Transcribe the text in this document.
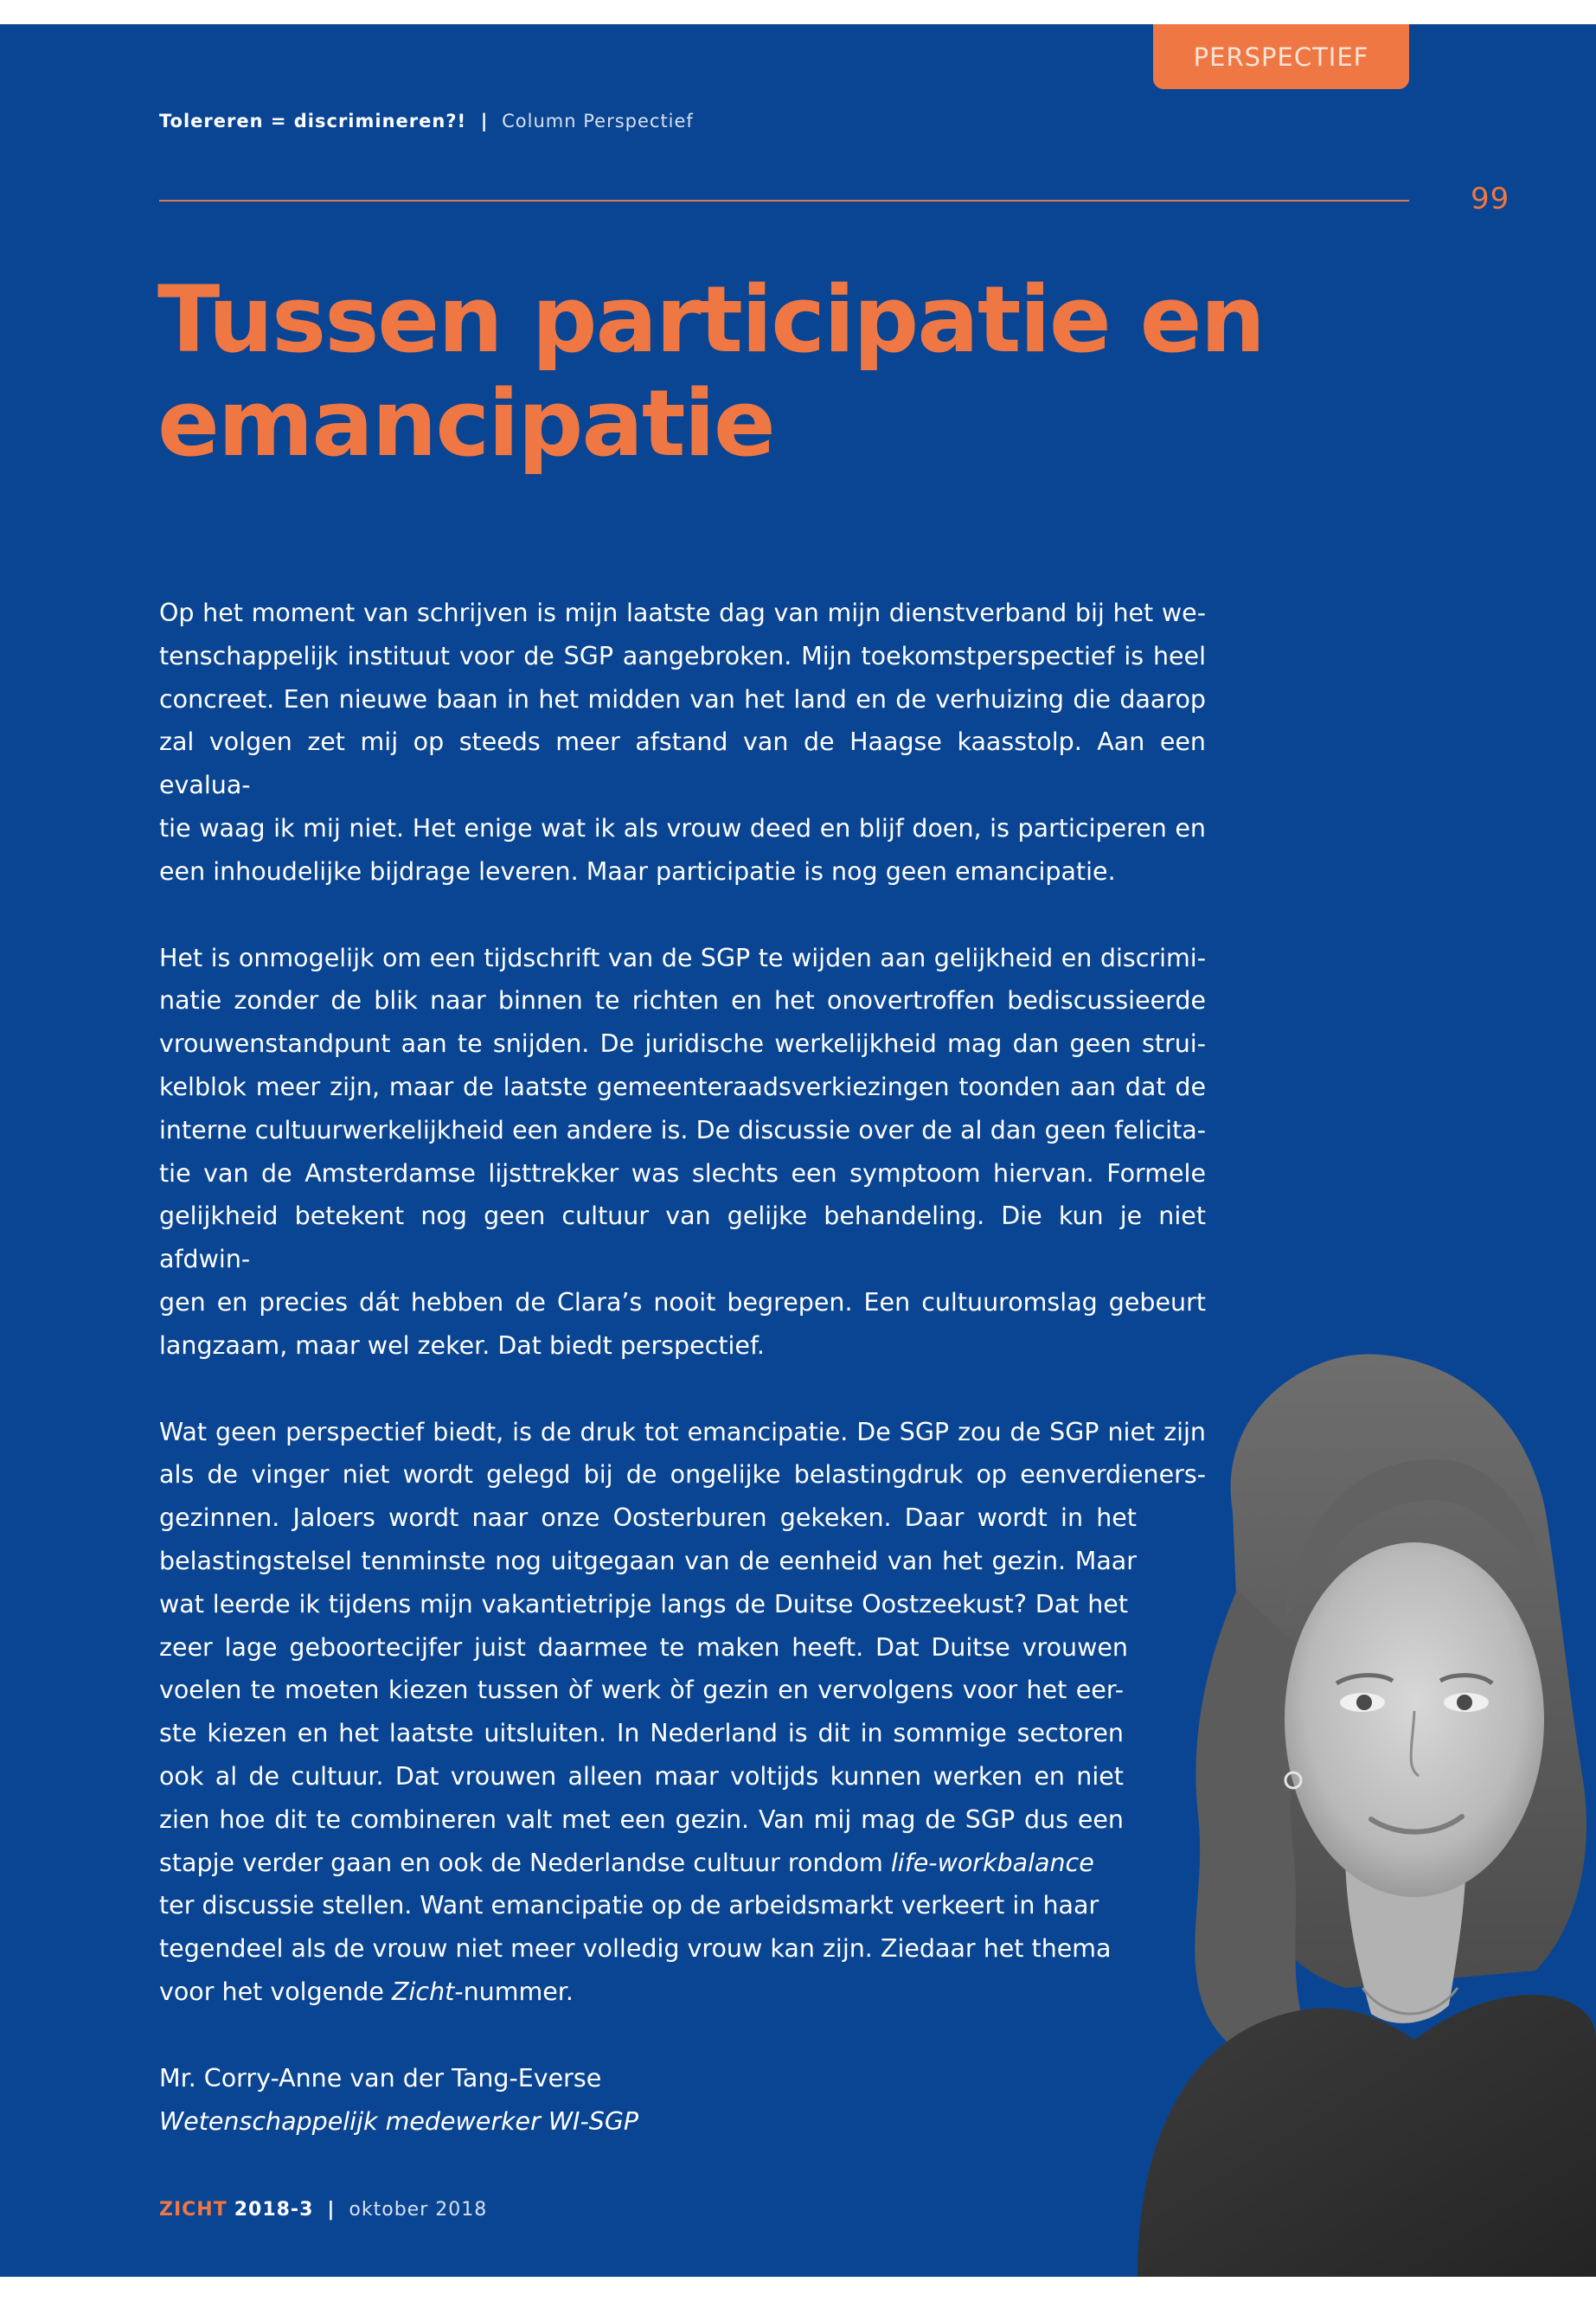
PERSPECTIEF
Tolereren = discrimineren?! | Column Perspectief
99
Tussen participatie en
emancipatie

Op het moment van schrijven is mijn laatste dag van mijn dienstverband bij het we-
tenschappelijk instituut voor de SGP aangebroken. Mijn toekomstperspectief is heel
concreet. Een nieuwe baan in het midden van het land en de verhuizing die daarop
zal volgen zet mij op steeds meer afstand van de Haagse kaasstolp. Aan een evalua-
tie waag ik mij niet. Het enige wat ik als vrouw deed en blijf doen, is participeren en
een inhoudelijke bijdrage leveren. Maar participatie is nog geen emancipatie.

Het is onmogelijk om een tijdschrift van de SGP te wijden aan gelijkheid en discrimi-
natie zonder de blik naar binnen te richten en het onovertroffen bediscussieerde
vrouwenstandpunt aan te snijden. De juridische werkelijkheid mag dan geen strui-
kelblok meer zijn, maar de laatste gemeenteraadsverkiezingen toonden aan dat de
interne cultuurwerkelijkheid een andere is. De discussie over de al dan geen felicita-
tie van de Amsterdamse lijsttrekker was slechts een symptoom hiervan. Formele
gelijkheid betekent nog geen cultuur van gelijke behandeling. Die kun je niet afdwin-
gen en precies dát hebben de Clara’s nooit begrepen. Een cultuuromslag gebeurt
langzaam, maar wel zeker. Dat biedt perspectief.

Wat geen perspectief biedt, is de druk tot emancipatie. De SGP zou de SGP niet zijn
als de vinger niet wordt gelegd bij de ongelijke belastingdruk op eenverdieners-
gezinnen. Jaloers wordt naar onze Oosterburen gekeken. Daar wordt in het
belastingstelsel tenminste nog uitgegaan van de eenheid van het gezin. Maar
wat leerde ik tijdens mijn vakantietripje langs de Duitse Oostzeekust? Dat het
zeer lage geboortecijfer juist daarmee te maken heeft. Dat Duitse vrouwen
voelen te moeten kiezen tussen òf werk òf gezin en vervolgens voor het eer-
ste kiezen en het laatste uitsluiten. In Nederland is dit in sommige sectoren
ook al de cultuur. Dat vrouwen alleen maar voltijds kunnen werken en niet
zien hoe dit te combineren valt met een gezin. Van mij mag de SGP dus een
stapje verder gaan en ook de Nederlandse cultuur rondom life-workbalance
ter discussie stellen. Want emancipatie op de arbeidsmarkt verkeert in haar
tegendeel als de vrouw niet meer volledig vrouw kan zijn. Ziedaar het thema
voor het volgende Zicht-nummer.

Mr. Corry-Anne van der Tang-Everse
Wetenschappelijk medewerker WI-SGP

ZICHT 2018-3 | oktober 2018
